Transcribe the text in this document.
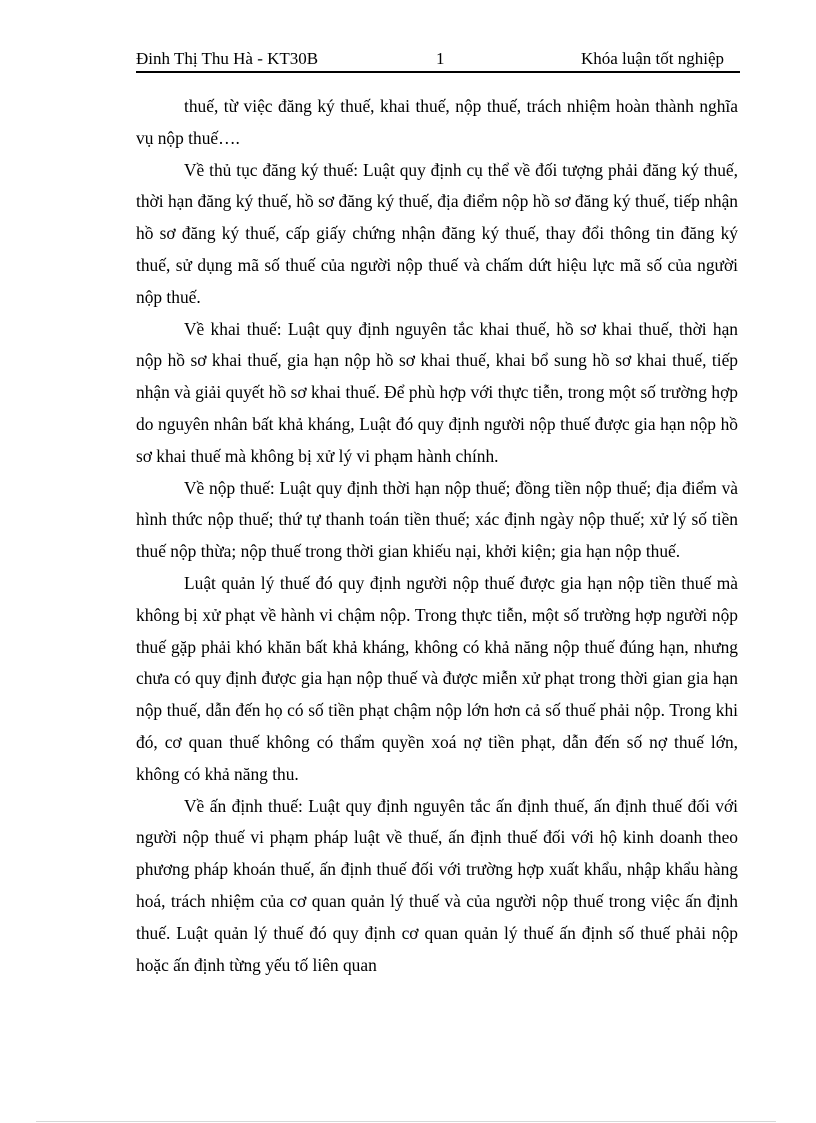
Đinh Thị Thu Hà - KT30B	1	Khóa luận tốt nghiệp

thuế, từ việc đăng ký thuế, khai thuế, nộp thuế, trách nhiệm hoàn thành nghĩa vụ nộp thuế….

Về thủ tục đăng ký thuế: Luật quy định cụ thể về đối tượng phải đăng ký thuế, thời hạn đăng ký thuế, hồ sơ đăng ký thuế, địa điểm nộp hồ sơ đăng ký thuế, tiếp nhận hồ sơ đăng ký thuế, cấp giấy chứng nhận đăng ký thuế, thay đổi thông tin đăng ký thuế, sử dụng mã số thuế của người nộp thuế và chấm dứt hiệu lực mã số của người nộp thuế.

Về khai thuế: Luật quy định nguyên tắc khai thuế, hồ sơ khai thuế, thời hạn nộp hồ sơ khai thuế, gia hạn nộp hồ sơ khai thuế, khai bổ sung hồ sơ khai thuế, tiếp nhận và giải quyết hồ sơ khai thuế. Để phù hợp với thực tiễn, trong một số trường hợp do nguyên nhân bất khả kháng, Luật đó quy định người nộp thuế được gia hạn nộp hồ sơ khai thuế mà không bị xử lý vi phạm hành chính.

Về nộp thuế: Luật quy định thời hạn nộp thuế; đồng tiền nộp thuế; địa điểm và hình thức nộp thuế; thứ tự thanh toán tiền thuế; xác định ngày nộp thuế; xử lý số tiền thuế nộp thừa; nộp thuế trong thời gian khiếu nại, khởi kiện; gia hạn nộp thuế.

Luật quản lý thuế đó quy định người nộp thuế được gia hạn nộp tiền thuế mà không bị xử phạt về hành vi chậm nộp. Trong thực tiễn, một số trường hợp người nộp thuế gặp phải khó khăn bất khả kháng, không có khả năng nộp thuế đúng hạn, nhưng chưa có quy định được gia hạn nộp thuế và được miễn xử phạt trong thời gian gia hạn nộp thuế, dẫn đến họ có số tiền phạt chậm nộp lớn hơn cả số thuế phải nộp. Trong khi đó, cơ quan thuế không có thẩm quyền xoá nợ tiền phạt, dẫn đến số nợ thuế lớn, không có khả năng thu.

Về ấn định thuế: Luật quy định nguyên tắc ấn định thuế, ấn định thuế đối với người nộp thuế vi phạm pháp luật về thuế, ấn định thuế đối với hộ kinh doanh theo phương pháp khoán thuế, ấn định thuế đối với trường hợp xuất khẩu, nhập khẩu hàng hoá, trách nhiệm của cơ quan quản lý thuế và của người nộp thuế trong việc ấn định thuế. Luật quản lý thuế đó quy định cơ quan quản lý thuế ấn định số thuế phải nộp hoặc ấn định từng yếu tố liên quan
